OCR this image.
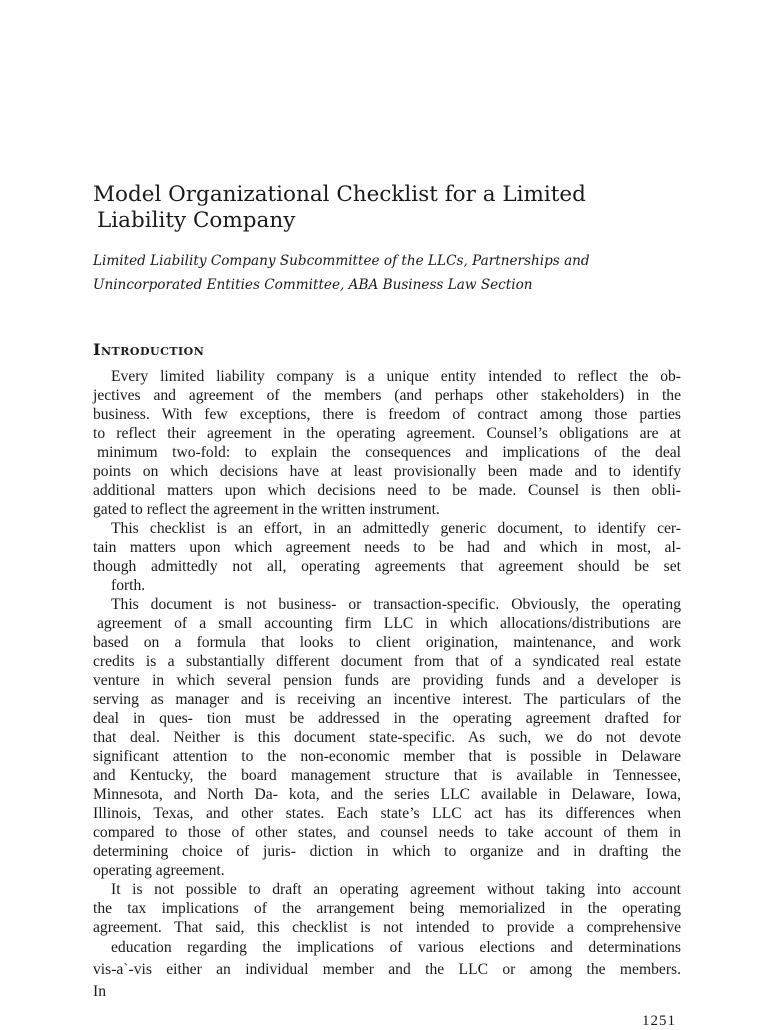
Model Organizational Checklist for a Limited
Liability Company
Limited Liability Company Subcommittee of the LLCs, Partnerships and
Unincorporated Entities Committee, ABA Business Law Section
Introduction
Every limited liability company is a unique entity intended to reflect the ob-
jectives and agreement of the members (and perhaps other stakeholders) in the
business. With few exceptions, there is freedom of contract among those parties
to reflect their agreement in the operating agreement. Counsel’s obligations are at
minimum two-fold: to explain the consequences and implications of the deal
points on which decisions have at least provisionally been made and to identify
additional matters upon which decisions need to be made. Counsel is then obli-
gated to reflect the agreement in the written instrument.
This checklist is an effort, in an admittedly generic document, to identify cer-
tain matters upon which agreement needs to be had and which in most, al-
though admittedly not all, operating agreements that agreement should be set
forth.
This document is not business- or transaction-specific. Obviously, the operating
agreement of a small accounting firm LLC in which allocations/distributions are
based on a formula that looks to client origination, maintenance, and work
credits is a substantially different document from that of a syndicated real estate
venture in which several pension funds are providing funds and a developer is
serving as manager and is receiving an incentive interest. The particulars of the
deal in ques- tion must be addressed in the operating agreement drafted for
that deal. Neither is this document state-specific. As such, we do not devote
significant attention to the non-economic member that is possible in Delaware
and Kentucky, the board management structure that is available in Tennessee,
Minnesota, and North Da- kota, and the series LLC available in Delaware, Iowa,
Illinois, Texas, and other states. Each state’s LLC act has its differences when
compared to those of other states, and counsel needs to take account of them in
determining choice of juris- diction in which to organize and in drafting the
operating agreement.
It is not possible to draft an operating agreement without taking into account
the tax implications of the arrangement being memorialized in the operating
agreement. That said, this checklist is not intended to provide a comprehensive
education regarding the implications of various elections and determinations
vis-a`-vis either an individual member and the LLC or among the members.
In
1251
